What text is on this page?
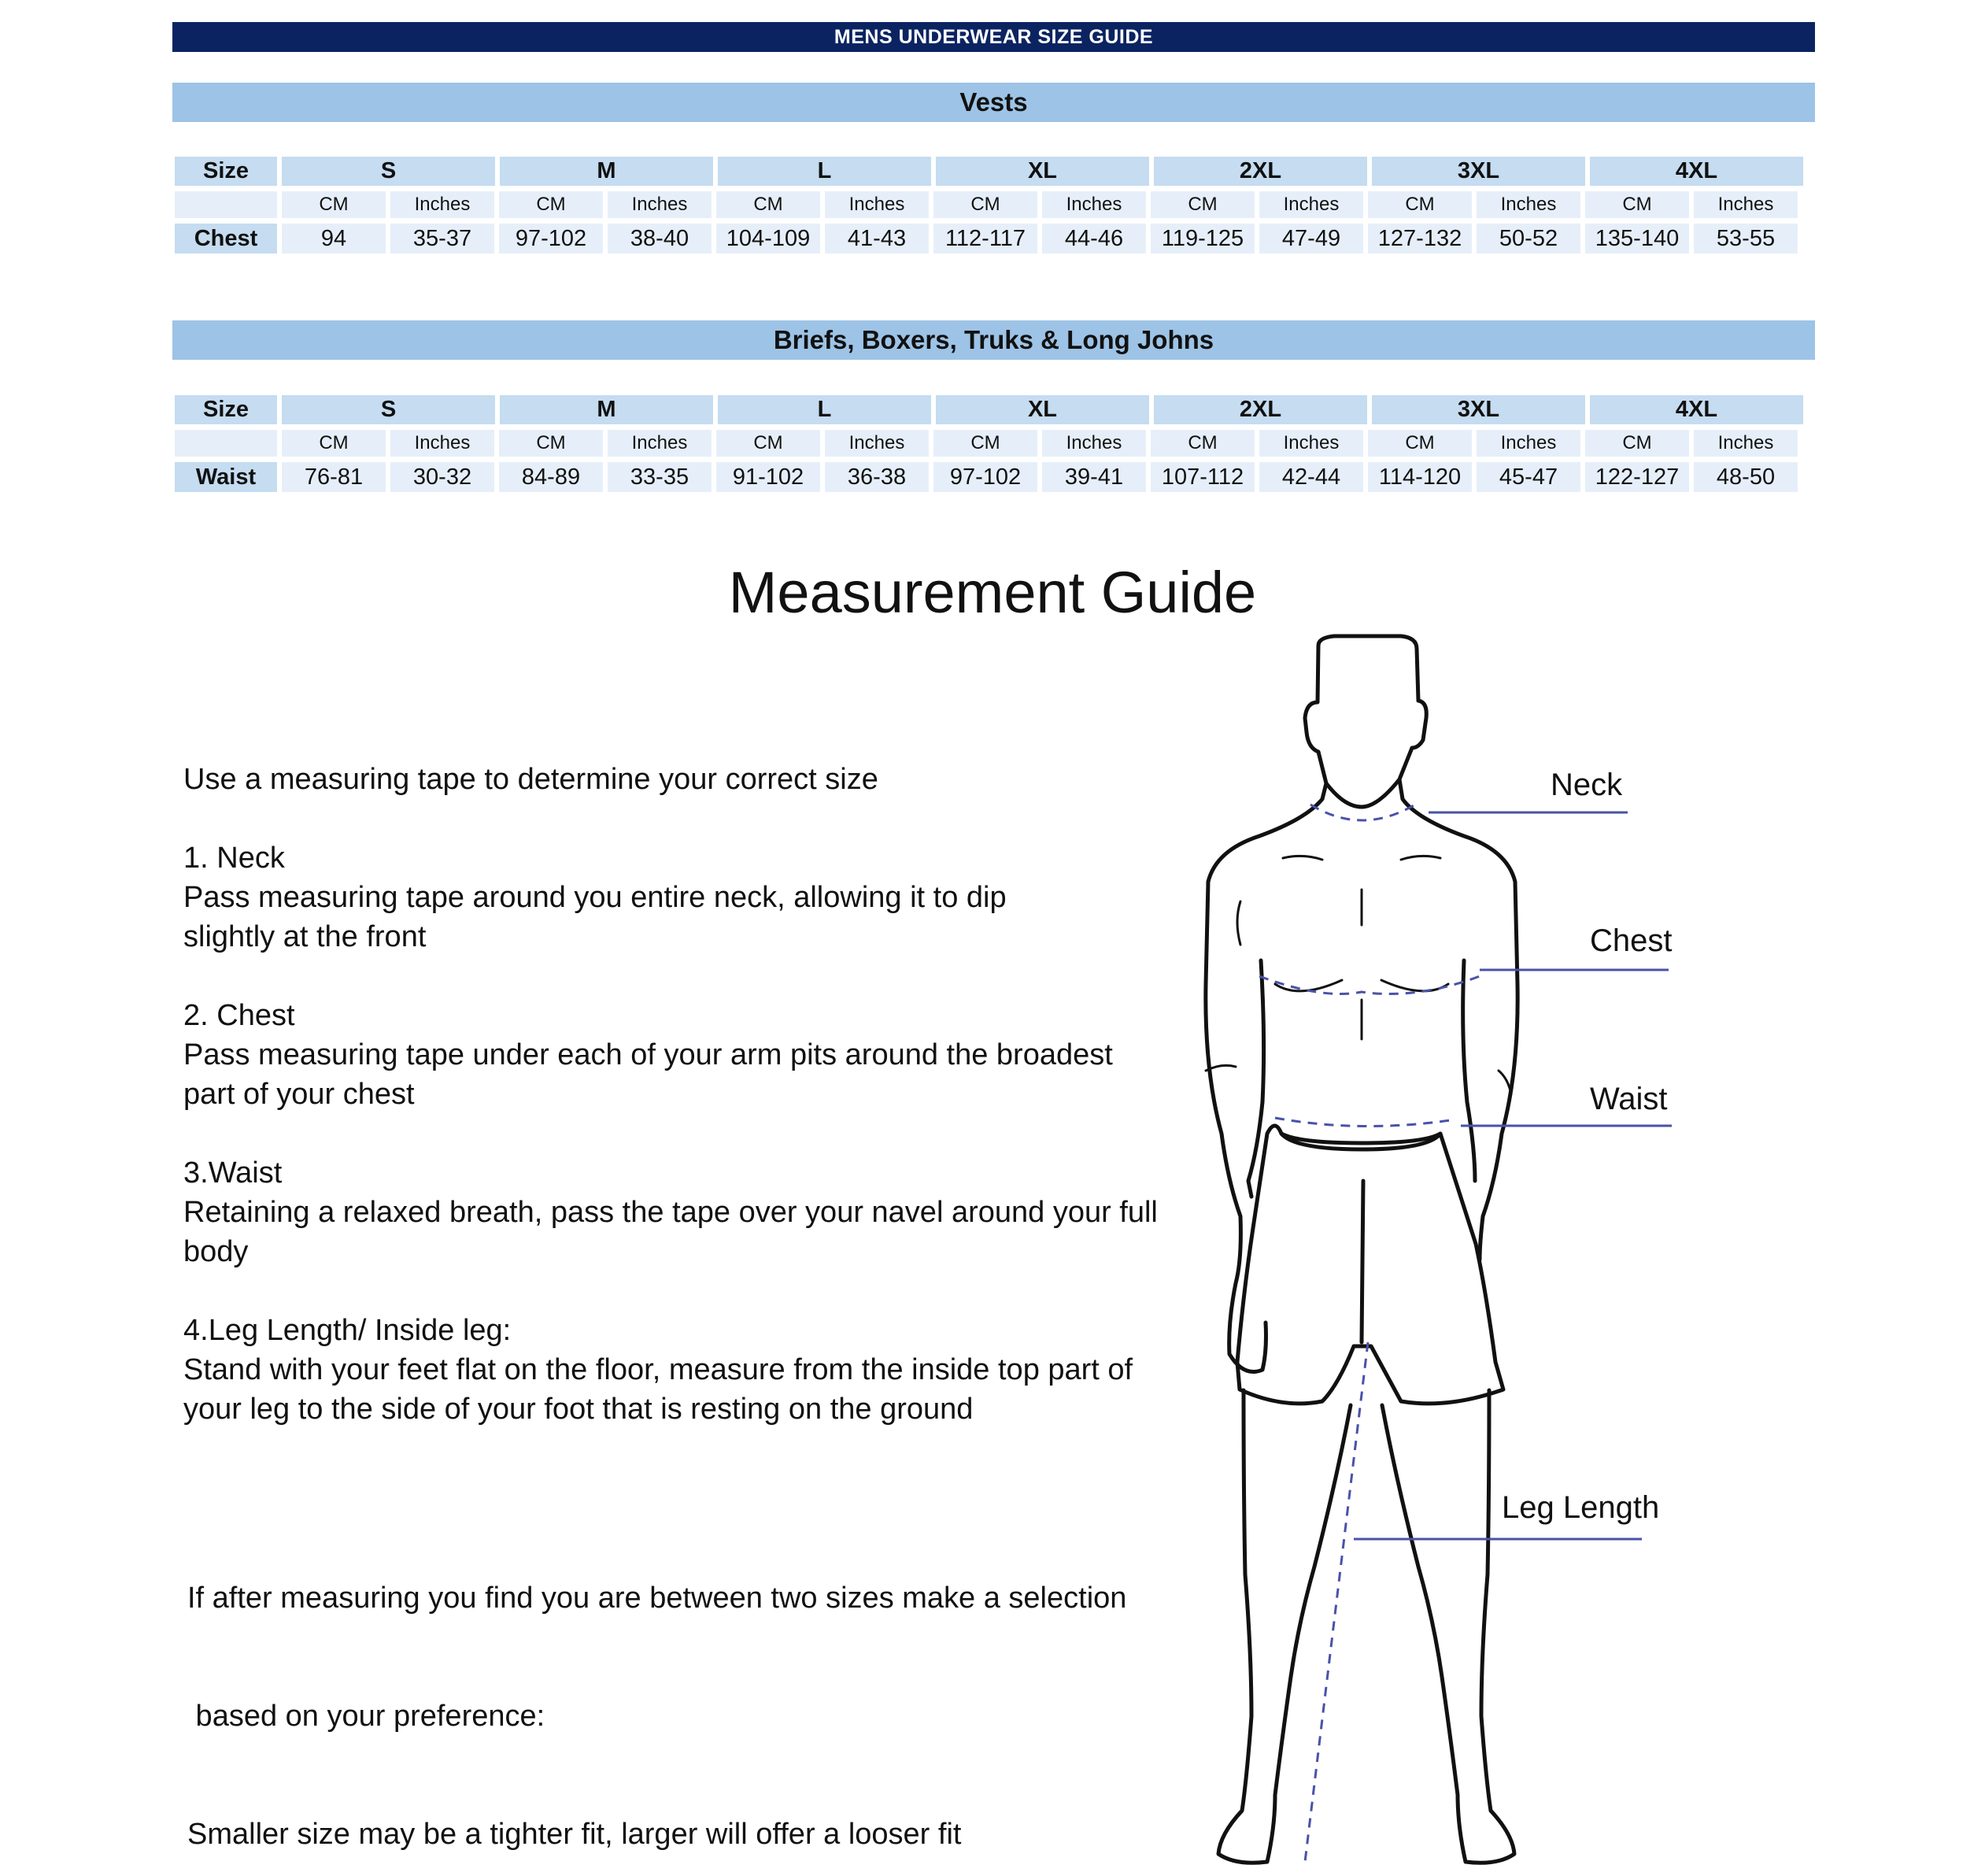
MENS UNDERWEAR SIZE GUIDE
Vests
Size	S	M	L	XL	2XL	3XL	4XL
CM	Inches	CM	Inches	CM	Inches	CM	Inches	CM	Inches	CM	Inches	CM	Inches
Chest	94	35-37	97-102	38-40	104-109	41-43	112-117	44-46	119-125	47-49	127-132	50-52	135-140	53-55
Briefs, Boxers, Truks & Long Johns
Size	S	M	L	XL	2XL	3XL	4XL
CM	Inches	CM	Inches	CM	Inches	CM	Inches	CM	Inches	CM	Inches	CM	Inches
Waist	76-81	30-32	84-89	33-35	91-102	36-38	97-102	39-41	107-112	42-44	114-120	45-47	122-127	48-50
Measurement Guide
Use a measuring tape to determine your correct size
1. Neck
Pass measuring tape around you entire neck, allowing it to dip
slightly at the front
2. Chest
Pass measuring tape under each of your arm pits around the broadest
part of your chest
3.Waist
Retaining a relaxed breath, pass the tape over your navel around your full
body
4.Leg Length/ Inside leg:
Stand with your feet flat on the floor, measure from the inside top part of
your leg to the side of your foot that is resting on the ground

If after measuring you find you are between two sizes make a selection

based on your preference:

Smaller size may be a tighter fit, larger will offer a looser fit

Neck
Chest
Waist
Leg Length
